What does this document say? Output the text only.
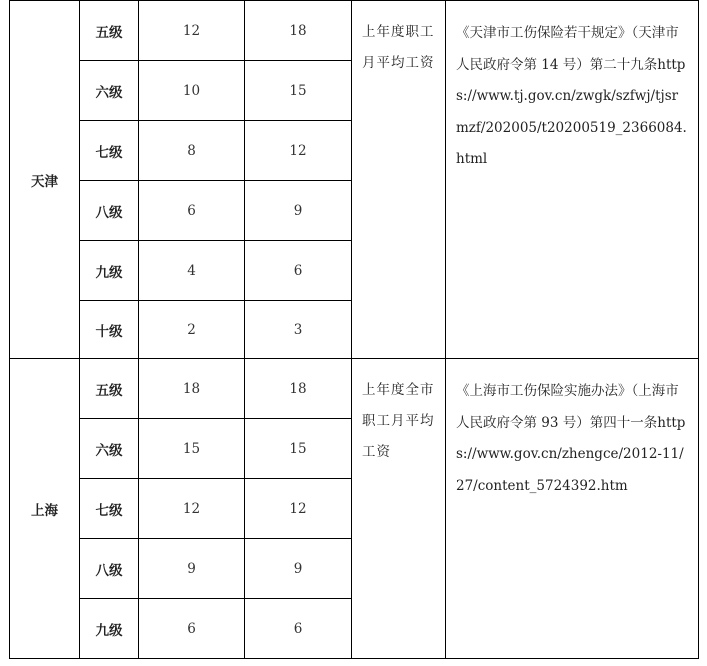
天津	五级	12	18	上年度职工月平均工资	《天津市工伤保险若干规定》（天津市人民政府令第 14 号）第二十九条https://www.tj.gov.cn/zwgk/szfwj/tjsrmzf/202005/t20200519_2366084.html
	六级	10	15		
	七级	8	12		
	八级	6	9		
	九级	4	6		
	十级	2	3		
上海	五级	18	18	上年度全市职工月平均工资	《上海市工伤保险实施办法》（上海市人民政府令第 93 号）第四十一条https://www.gov.cn/zhengce/2012-11/27/content_5724392.htm
	六级	15	15		
	七级	12	12		
	八级	9	9		
	九级	6	6		
